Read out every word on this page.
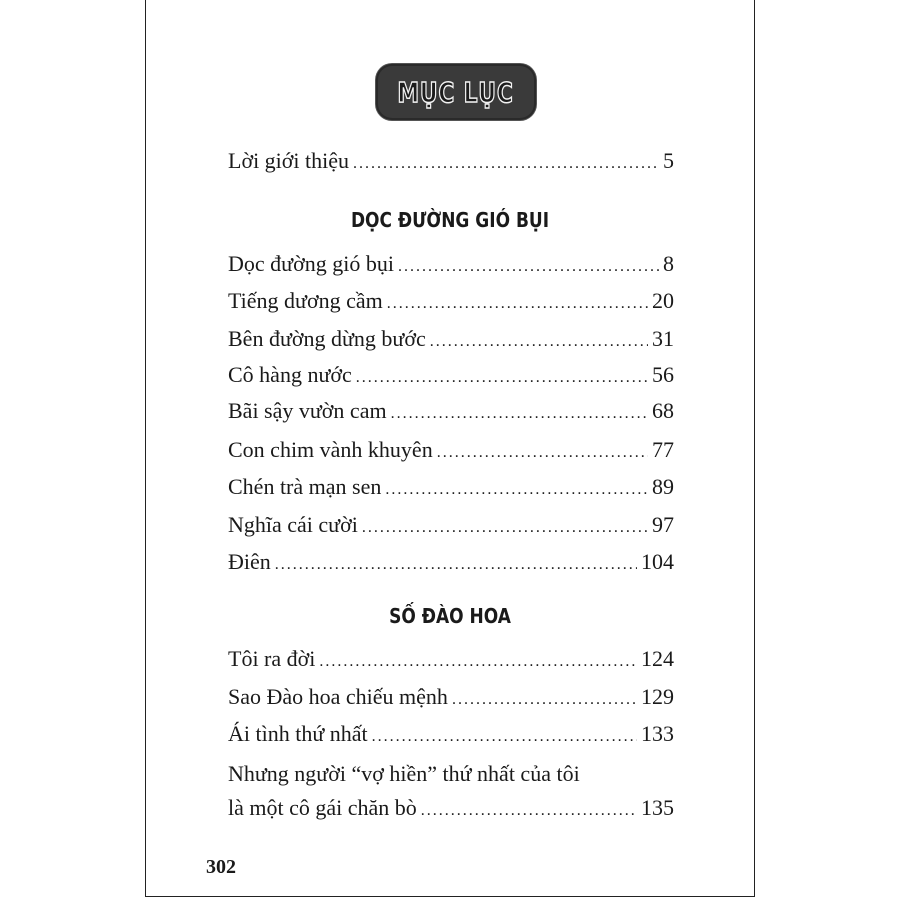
MỤC LỤC
Lời giới thiệu . . .	5
DỌC ĐƯỜNG GIÓ BỤI
Dọc đường gió bụi . . .	8
Tiếng dương cầm . . .	20
Bên đường dừng bước . . .	31
Cô hàng nước . . .	56
Bãi sậy vườn cam . . .	68
Con chim vành khuyên . . .	77
Chén trà mạn sen . . .	89
Nghĩa cái cười . . .	97
Điên . . .	104
SỐ ĐÀO HOA
Tôi ra đời . . .	124
Sao Đào hoa chiếu mệnh . . .	129
Ái tình thứ nhất . . .	133
Nhưng người “vợ hiền” thứ nhất của tôi
là một cô gái chăn bò . . .	135
302
